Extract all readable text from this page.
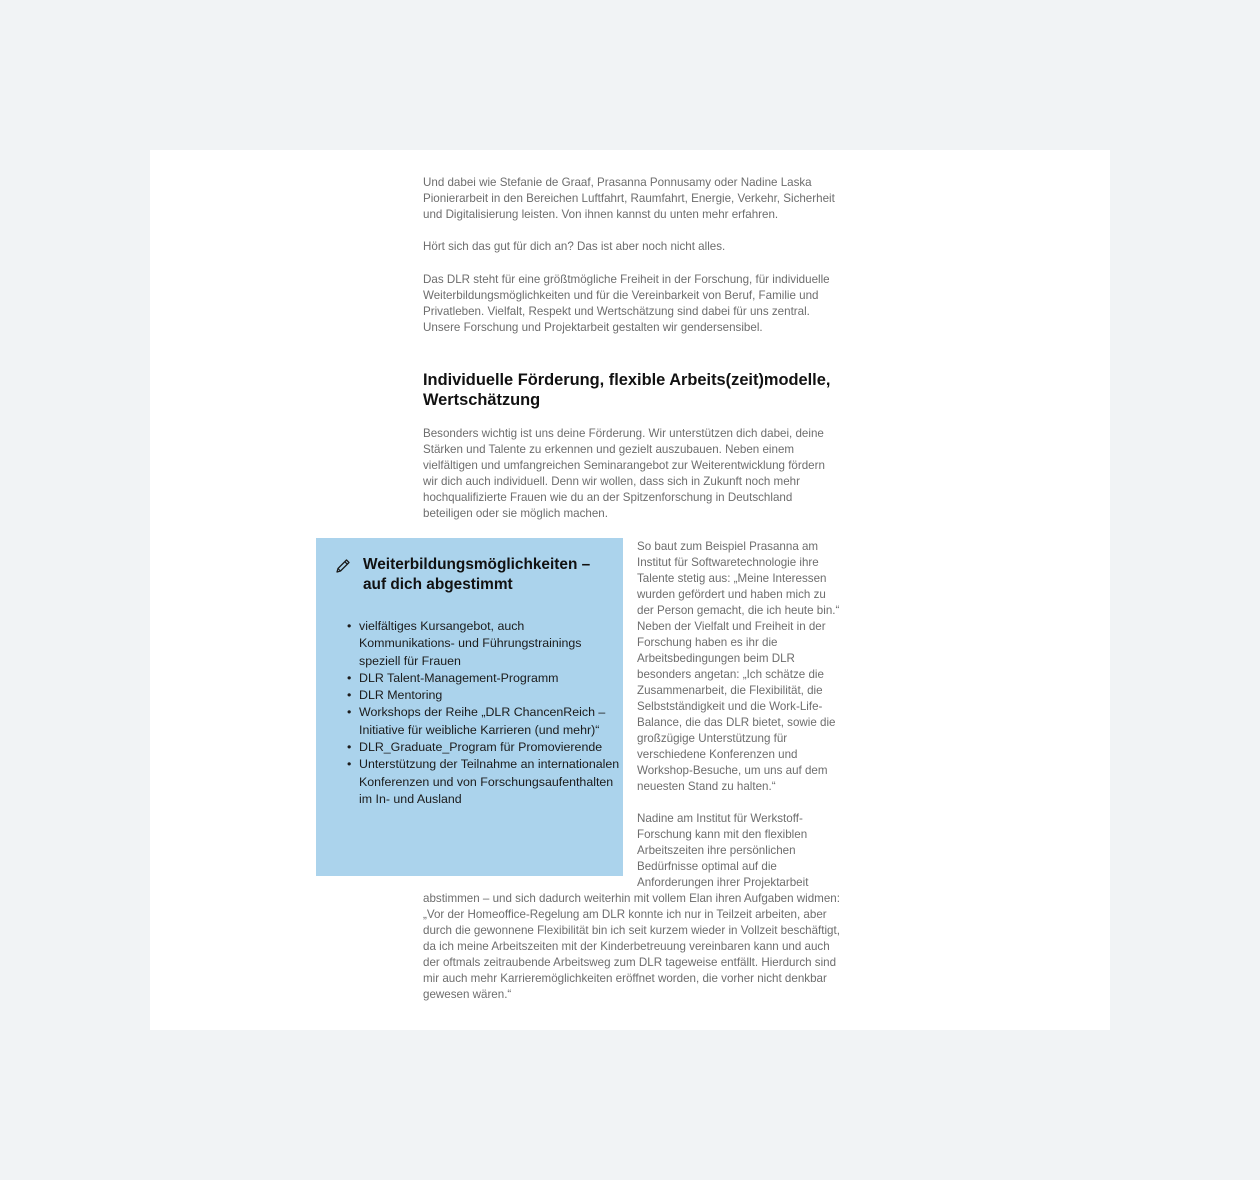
Und dabei wie Stefanie de Graaf, Prasanna Ponnusamy oder Nadine Laska Pionierarbeit in den Bereichen Luftfahrt, Raumfahrt, Energie, Verkehr, Sicherheit und Digitalisierung leisten. Von ihnen kannst du unten mehr erfahren.

Hört sich das gut für dich an? Das ist aber noch nicht alles.

Das DLR steht für eine größtmögliche Freiheit in der Forschung, für individuelle Weiterbildungsmöglichkeiten und für die Vereinbarkeit von Beruf, Familie und Privatleben. Vielfalt, Respekt und Wertschätzung sind dabei für uns zentral. Unsere Forschung und Projektarbeit gestalten wir gendersensibel.

Individuelle Förderung, flexible Arbeits(zeit)modelle, Wertschätzung

Besonders wichtig ist uns deine Förderung. Wir unterstützen dich dabei, deine Stärken und Talente zu erkennen und gezielt auszubauen. Neben einem vielfältigen und umfangreichen Seminarangebot zur Weiterentwicklung fördern wir dich auch individuell. Denn wir wollen, dass sich in Zukunft noch mehr hochqualifizierte Frauen wie du an der Spitzenforschung in Deutschland beteiligen oder sie möglich machen.

Weiterbildungsmöglichkeiten – auf dich abgestimmt
• vielfältiges Kursangebot, auch Kommunikations- und Führungstrainings speziell für Frauen
• DLR Talent-Management-Programm
• DLR Mentoring
• Workshops der Reihe „DLR ChancenReich – Initiative für weibliche Karrieren (und mehr)“
• DLR_Graduate_Program für Promovierende
• Unterstützung der Teilnahme an internationalen Konferenzen und von Forschungsaufenthalten im In- und Ausland

So baut zum Beispiel Prasanna am Institut für Softwaretechnologie ihre Talente stetig aus: „Meine Interessen wurden gefördert und haben mich zu der Person gemacht, die ich heute bin.“ Neben der Vielfalt und Freiheit in der Forschung haben es ihr die Arbeitsbedingungen beim DLR besonders angetan: „Ich schätze die Zusammenarbeit, die Flexibilität, die Selbstständigkeit und die Work-Life-Balance, die das DLR bietet, sowie die großzügige Unterstützung für verschiedene Konferenzen und Workshop-Besuche, um uns auf dem neuesten Stand zu halten.“

Nadine am Institut für Werkstoff-Forschung kann mit den flexiblen Arbeitszeiten ihre persönlichen Bedürfnisse optimal auf die Anforderungen ihrer Projektarbeit

abstimmen – und sich dadurch weiterhin mit vollem Elan ihren Aufgaben widmen: „Vor der Homeoffice-Regelung am DLR konnte ich nur in Teilzeit arbeiten, aber durch die gewonnene Flexibilität bin ich seit kurzem wieder in Vollzeit beschäftigt, da ich meine Arbeitszeiten mit der Kinderbetreuung vereinbaren kann und auch der oftmals zeitraubende Arbeitsweg zum DLR tageweise entfällt. Hierdurch sind mir auch mehr Karrieremöglichkeiten eröffnet worden, die vorher nicht denkbar gewesen wären.“
